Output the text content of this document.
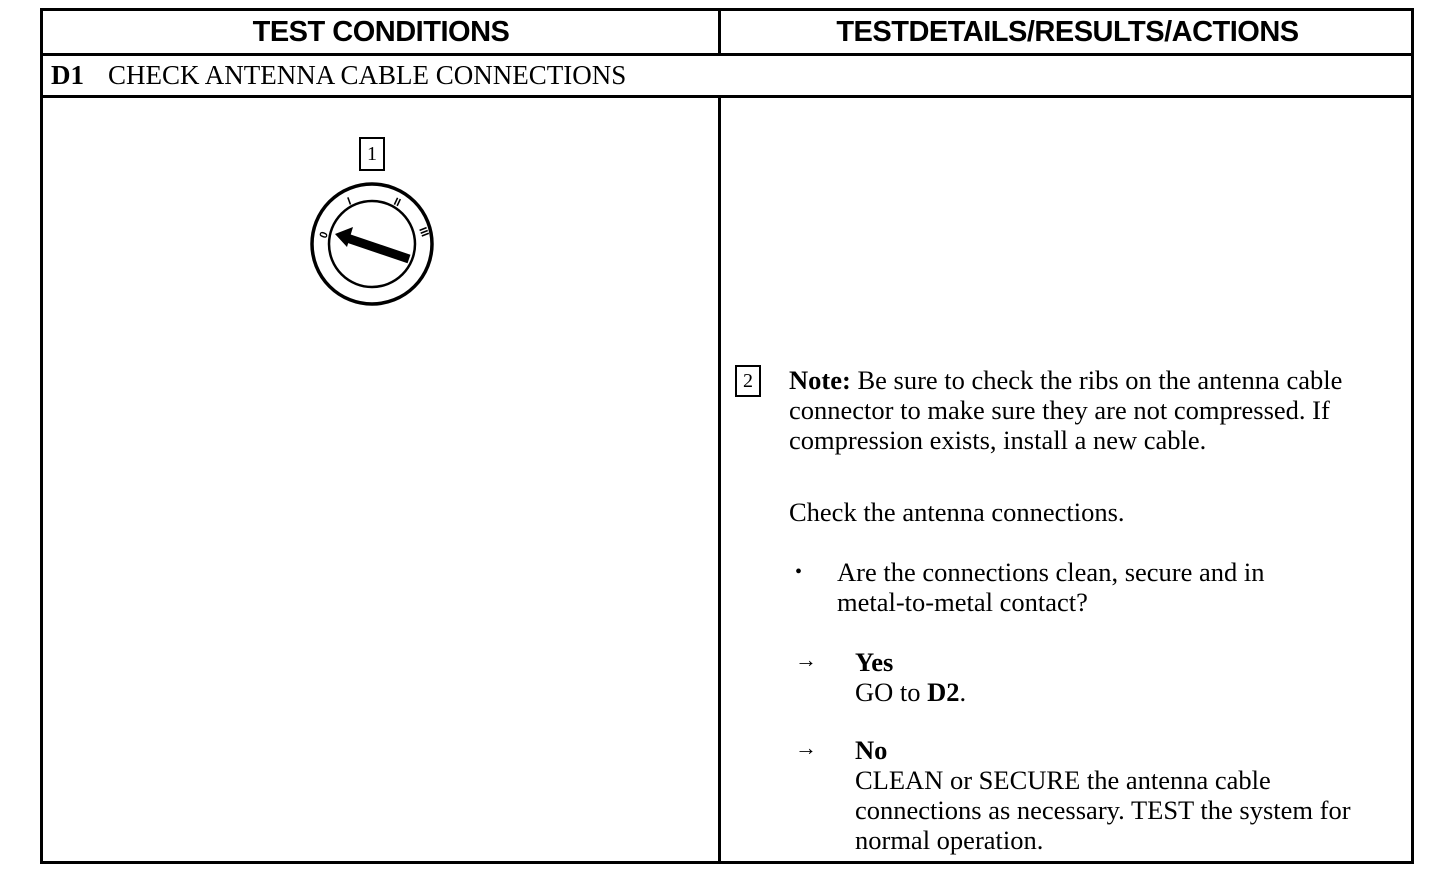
TEST CONDITIONS	TESTDETAILS/RESULTS/ACTIONS
D1 CHECK ANTENNA CABLE CONNECTIONS
1
0
I	II
III
2	Note: Be sure to check the ribs on the antenna cable connector to make sure they are not compressed. If compression exists, install a new cable.
Check the antenna connections.
•	Are the connections clean, secure and in metal-to-metal contact?
→	Yes
GO to D2.
→	No
CLEAN or SECURE the antenna cable connections as necessary. TEST the system for normal operation.
